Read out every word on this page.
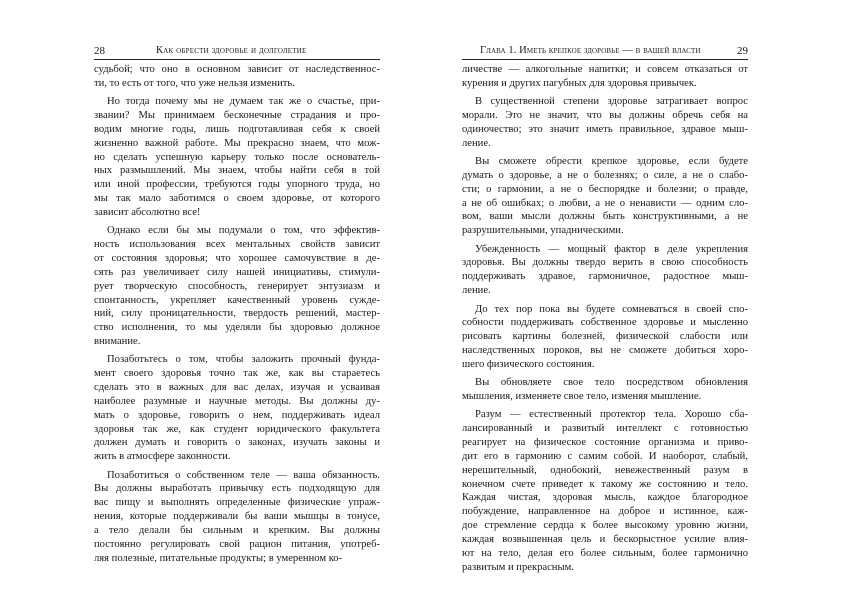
28	Как обрести здоровье и долголетие

судьбой; что оно в основном зависит от наследственнос-
ти, то есть от того, что уже нельзя изменить.

Но тогда почему мы не думаем так же о счастье, при-
звании? Мы принимаем бесконечные страдания и про-
водим многие годы, лишь подготавливая себя к своей
жизненно важной работе. Мы прекрасно знаем, что мож-
но сделать успешную карьеру только после основатель-
ных размышлений. Мы знаем, чтобы найти себя в той
или иной профессии, требуются годы упорного труда, но
мы так мало заботимся о своем здоровье, от которого
зависит абсолютно все!

Однако если бы мы подумали о том, что эффектив-
ность использования всех ментальных свойств зависит
от состояния здоровья; что хорошее самочувствие в де-
сять раз увеличивает силу нашей инициативы, стимули-
рует творческую способность, генерирует энтузиазм и
спонтанность, укрепляет качественный уровень сужде-
ний, силу проницательности, твердость решений, мастер-
ство исполнения, то мы уделяли бы здоровью должное
внимание.

Позаботьтесь о том, чтобы заложить прочный фунда-
мент своего здоровья точно так же, как вы стараетесь
сделать это в важных для вас делах, изучая и усваивая
наиболее разумные и научные методы. Вы должны ду-
мать о здоровье, говорить о нем, поддерживать идеал
здоровья так же, как студент юридического факультета
должен думать и говорить о законах, изучать законы и
жить в атмосфере законности.

Позаботиться о собственном теле — ваша обязанность.
Вы должны выработать привычку есть подходящую для
вас пищу и выполнять определенные физические упраж-
нения, которые поддерживали бы ваши мышцы в тонусе,
а тело делали бы сильным и крепким. Вы должны
постоянно регулировать свой рацион питания, употреб-
ляя полезные, питательные продукты; в умеренном ко-

Глава 1. Иметь крепкое здоровье — в вашей власти	29

личестве — алкогольные напитки; и совсем отказаться от
курения и других пагубных для здоровья привычек.

В существенной степени здоровье затрагивает вопрос
морали. Это не значит, что вы должны обречь себя на
одиночество; это значит иметь правильное, здравое мыш-
ление.

Вы сможете обрести крепкое здоровье, если будете
думать о здоровье, а не о болезнях; о силе, а не о слабо-
сти; о гармонии, а не о беспорядке и болезни; о правде,
а не об ошибках; о любви, а не о ненависти — одним сло-
вом, ваши мысли должны быть конструктивными, а не
разрушительными, упадническими.

Убежденность — мощный фактор в деле укрепления
здоровья. Вы должны твердо верить в свою способность
поддерживать здравое, гармоничное, радостное мыш-
ление.

До тех пор пока вы будете сомневаться в своей спо-
собности поддерживать собственное здоровье и мысленно
рисовать картины болезней, физической слабости или
наследственных пороков, вы не сможете добиться хоро-
шего физического состояния.

Вы обновляете свое тело посредством обновления
мышления, изменяете свое тело, изменяя мышление.

Разум — естественный протектор тела. Хорошо сба-
лансированный и развитый интеллект с готовностью
реагирует на физическое состояние организма и приво-
дит его в гармонию с самим собой. И наоборот, слабый,
нерешительный, однобокий, невежественный разум в
конечном счете приведет к такому же состоянию и тело.
Каждая чистая, здоровая мысль, каждое благородное
побуждение, направленное на доброе и истинное, каж-
дое стремление сердца к более высокому уровню жизни,
каждая возвышенная цель и бескорыстное усилие влия-
ют на тело, делая его более сильным, более гармонично
развитым и прекрасным.
